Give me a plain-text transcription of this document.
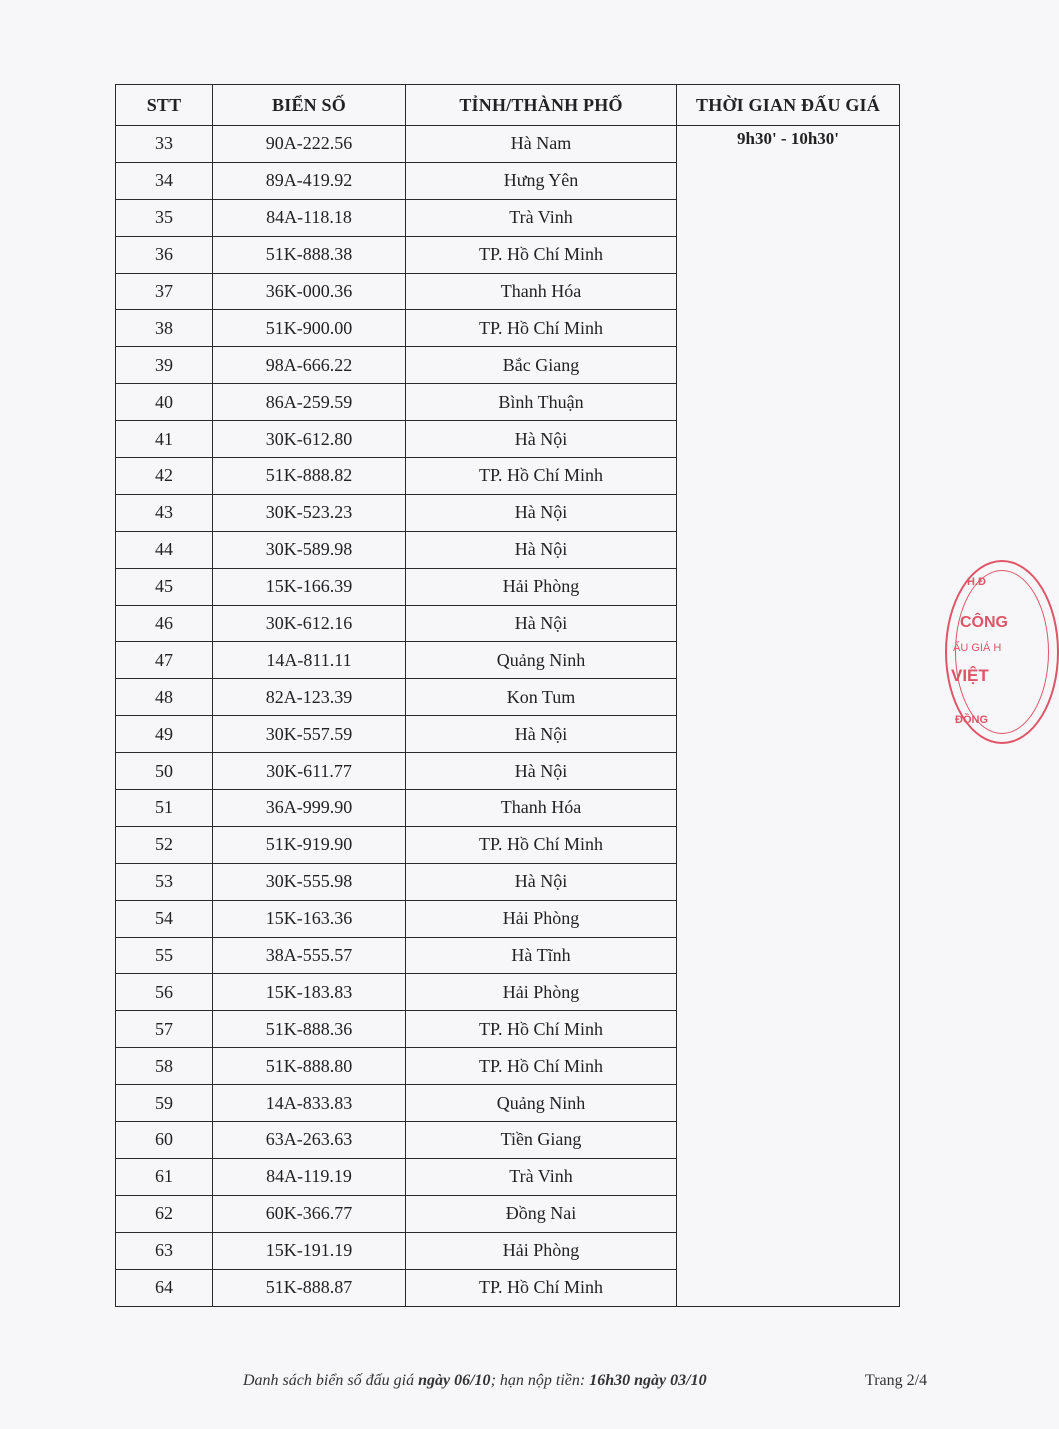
STT	BIỂN SỐ	TỈNH/THÀNH PHỐ	THỜI GIAN ĐẤU GIÁ
33	90A-222.56	Hà Nam	9h30' - 10h30'
34	89A-419.92	Hưng Yên	
35	84A-118.18	Trà Vinh	
36	51K-888.38	TP. Hồ Chí Minh	
37	36K-000.36	Thanh Hóa	
38	51K-900.00	TP. Hồ Chí Minh	
39	98A-666.22	Bắc Giang	
40	86A-259.59	Bình Thuận	
41	30K-612.80	Hà Nội	
42	51K-888.82	TP. Hồ Chí Minh	
43	30K-523.23	Hà Nội	
44	30K-589.98	Hà Nội	
45	15K-166.39	Hải Phòng	
46	30K-612.16	Hà Nội	
47	14A-811.11	Quảng Ninh	
48	82A-123.39	Kon Tum	
49	30K-557.59	Hà Nội	
50	30K-611.77	Hà Nội	
51	36A-999.90	Thanh Hóa	
52	51K-919.90	TP. Hồ Chí Minh	
53	30K-555.98	Hà Nội	
54	15K-163.36	Hải Phòng	
55	38A-555.57	Hà Tĩnh	
56	15K-183.83	Hải Phòng	
57	51K-888.36	TP. Hồ Chí Minh	
58	51K-888.80	TP. Hồ Chí Minh	
59	14A-833.83	Quảng Ninh	
60	63A-263.63	Tiền Giang	
61	84A-119.19	Trà Vinh	
62	60K-366.77	Đồng Nai	
63	15K-191.19	Hải Phòng	
64	51K-888.87	TP. Hồ Chí Minh	
Danh sách biển số đấu giá ngày 06/10; hạn nộp tiền: 16h30 ngày 03/10	Trang 2/4
H.Đ
CÔNG
ẤU GIÁ H
VIỆT
ĐỒNG
